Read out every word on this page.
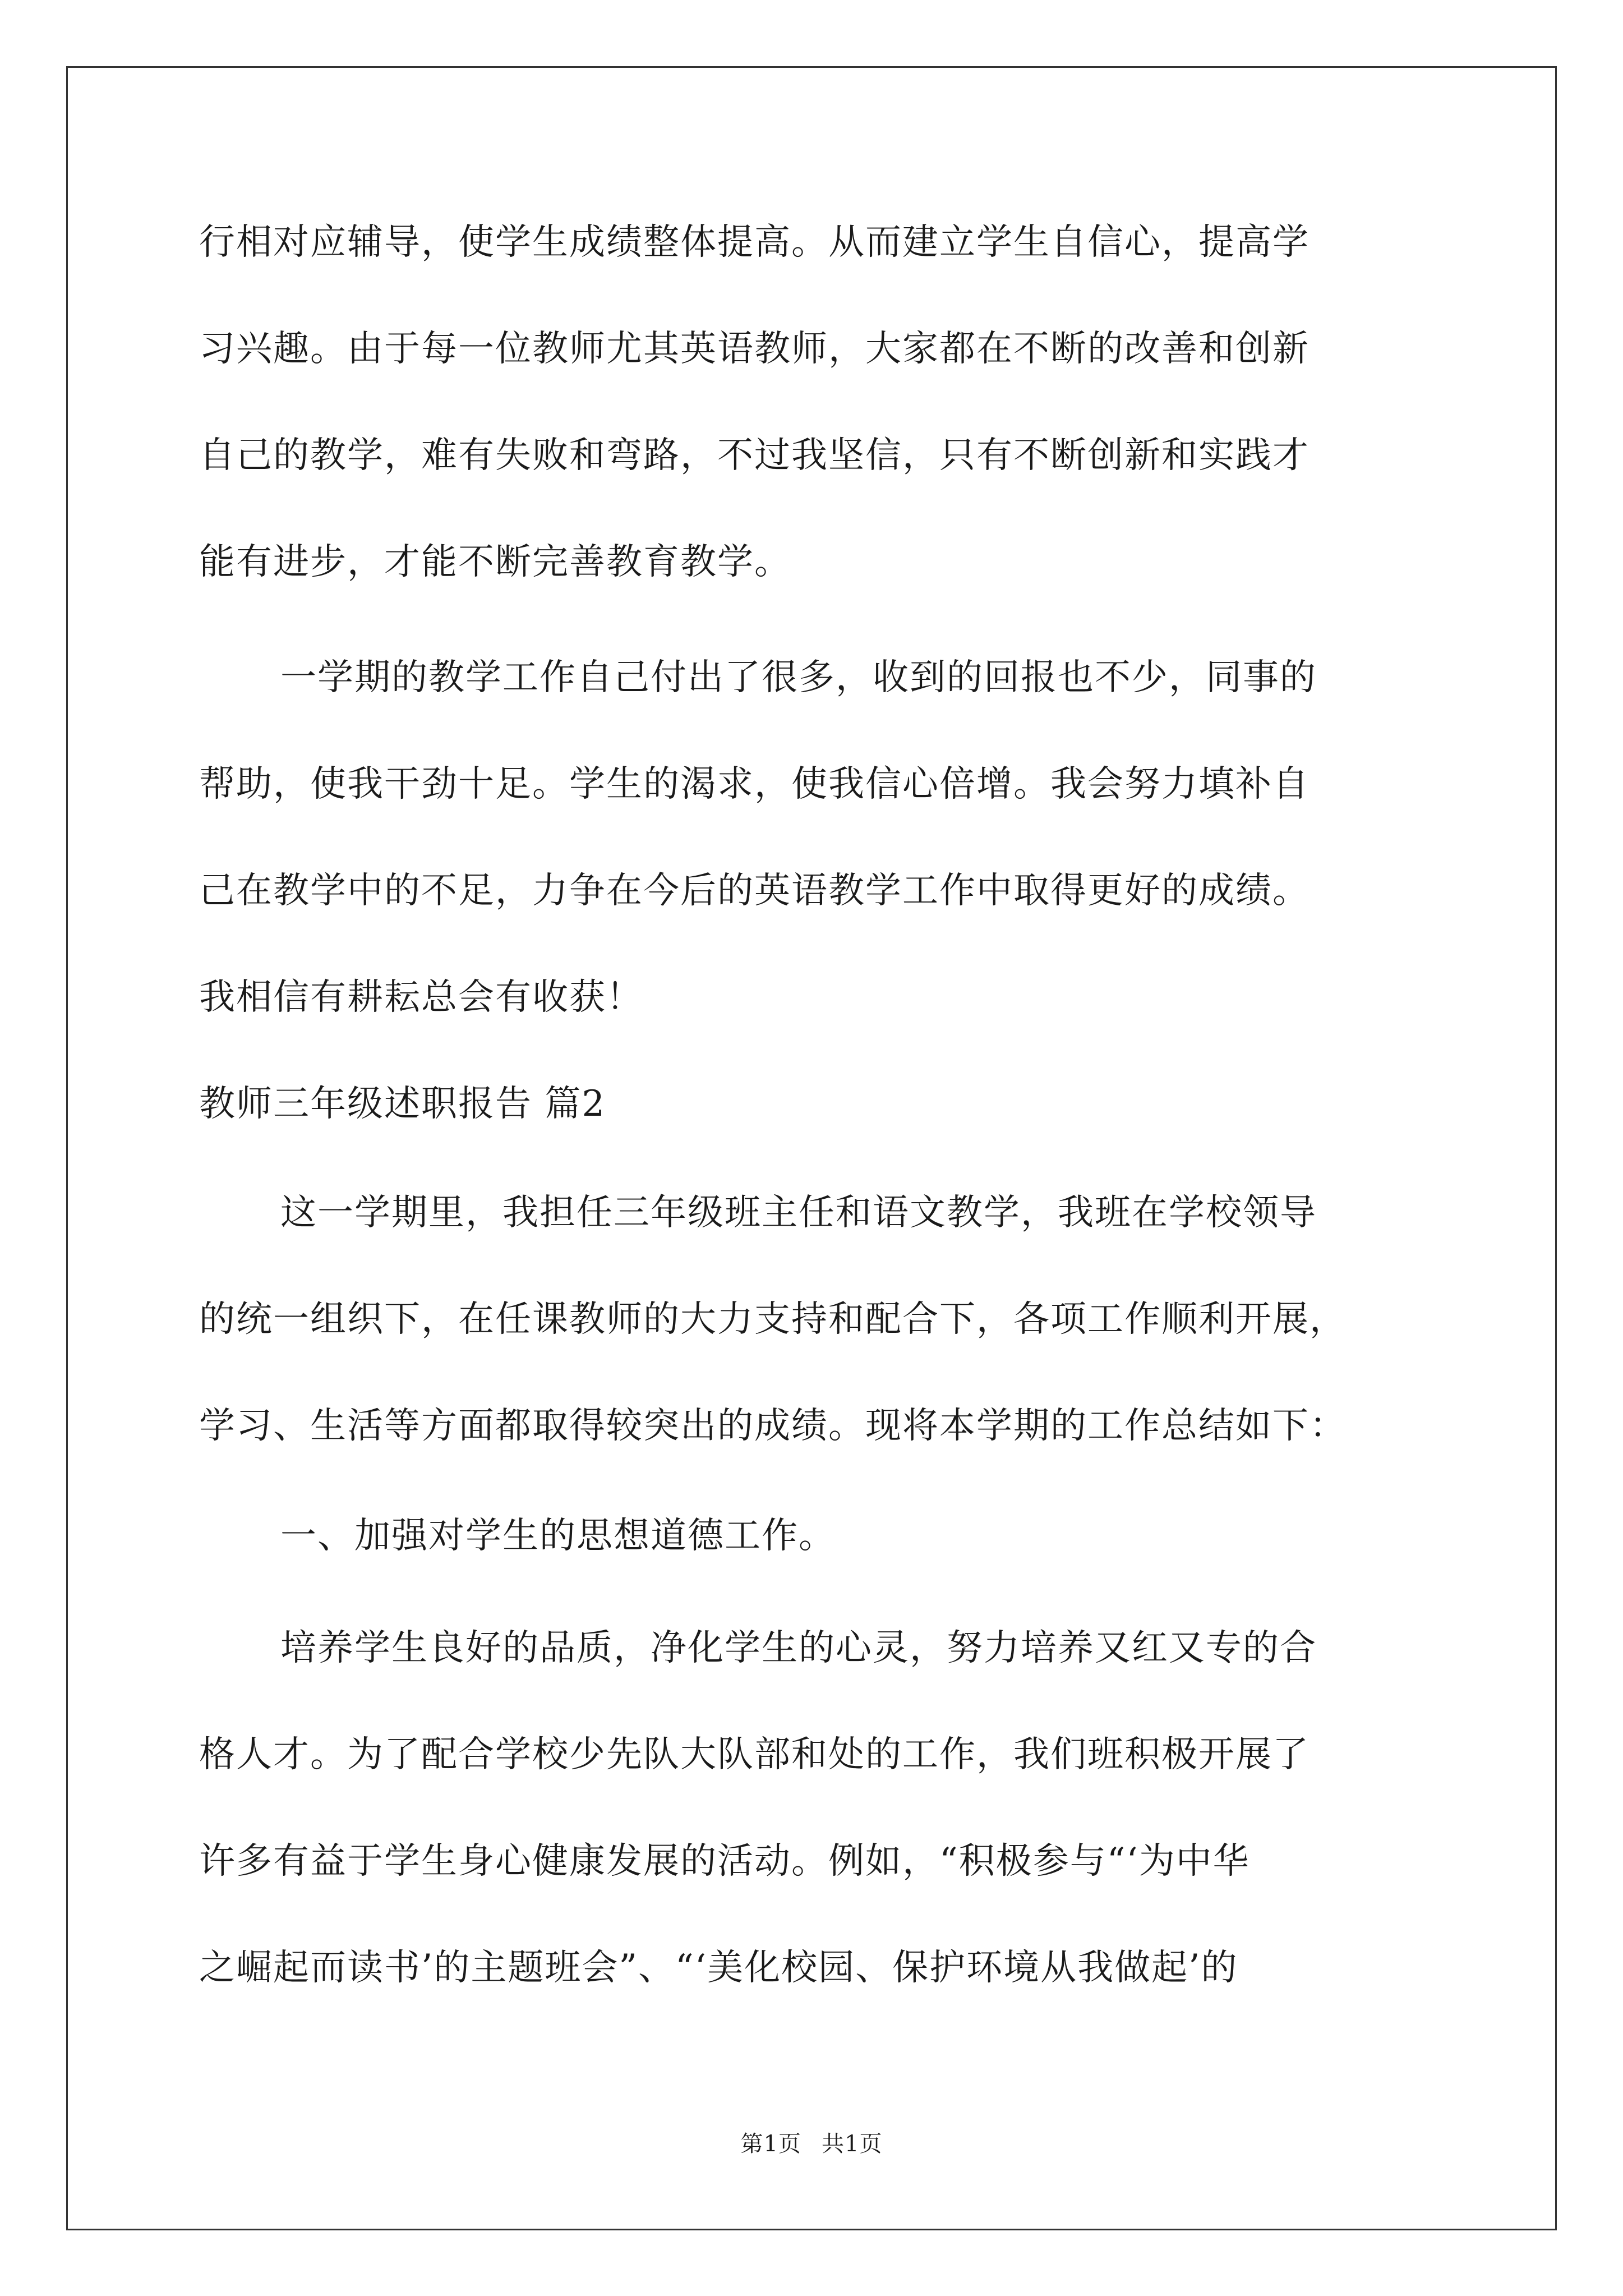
行相对应辅导，使学生成绩整体提高。从而建立学生自信心，提高学
习兴趣。由于每一位教师尤其英语教师，大家都在不断的改善和创新
自己的教学，难有失败和弯路，不过我坚信，只有不断创新和实践才
能有进步，才能不断完善教育教学。
一学期的教学工作自己付出了很多，收到的回报也不少，同事的
帮助，使我干劲十足。学生的渴求，使我信心倍增。我会努力填补自
己在教学中的不足，力争在今后的英语教学工作中取得更好的成绩。
我相信有耕耘总会有收获！
教师三年级述职报告 篇2
这一学期里，我担任三年级班主任和语文教学，我班在学校领导
的统一组织下，在任课教师的大力支持和配合下，各项工作顺利开展，
学习、生活等方面都取得较突出的成绩。现将本学期的工作总结如下：
一、加强对学生的思想道德工作。
培养学生良好的品质，净化学生的心灵，努力培养又红又专的合
格人才。为了配合学校少先队大队部和处的工作，我们班积极开展了
许多有益于学生身心健康发展的活动。例如，“积极参与“‘为中华
之崛起而读书’的主题班会”、“‘美化校园、保护环境从我做起’的
第1页 共1页
